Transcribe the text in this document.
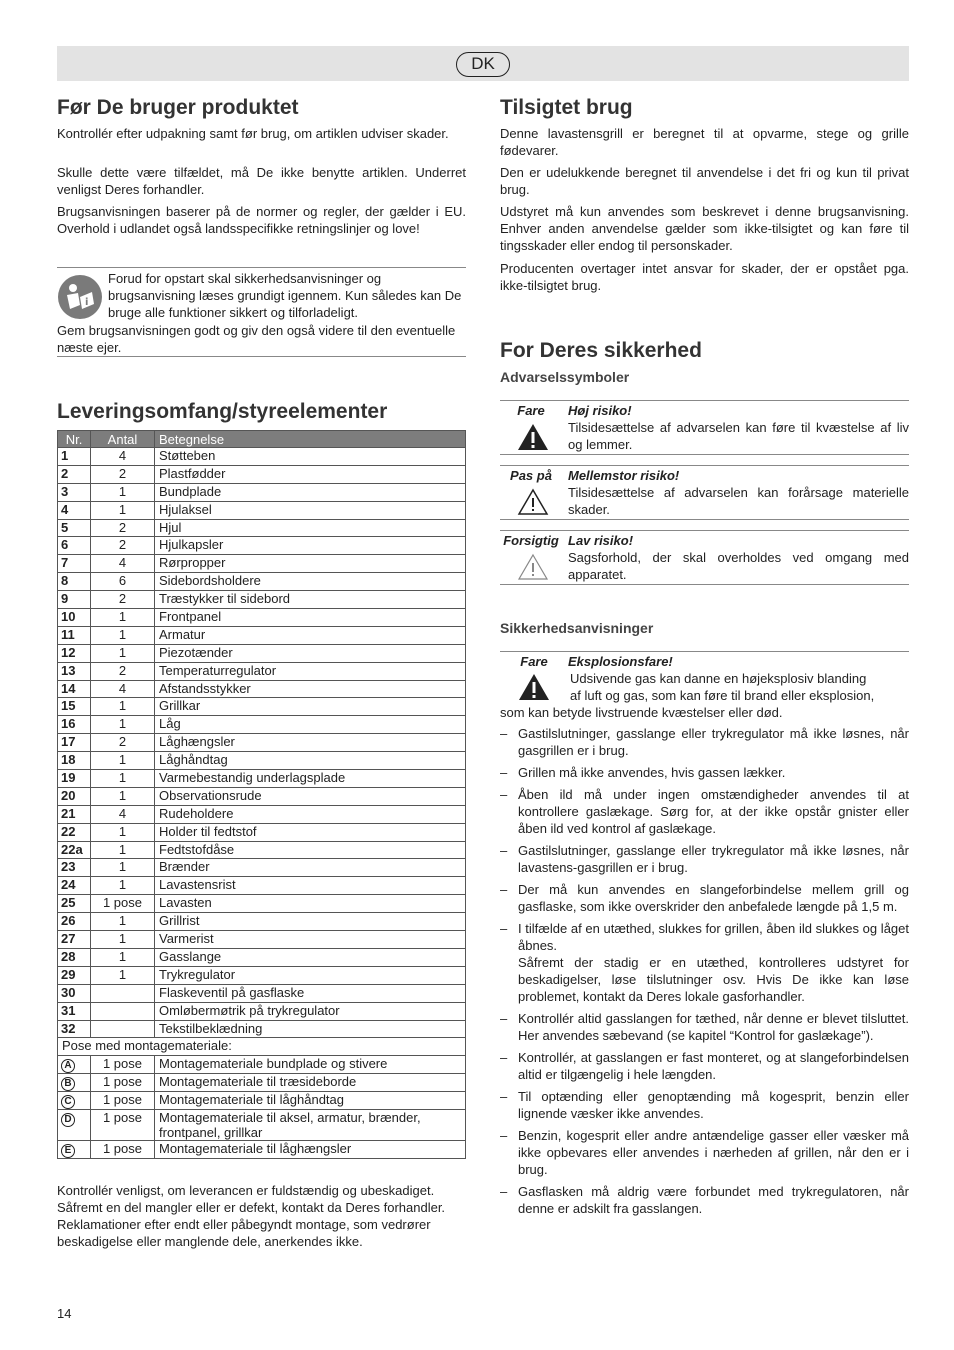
DK
Før De bruger produktet

Kontrollér efter udpakning samt før brug, om artiklen udviser skader.

Skulle dette være tilfældet, må De ikke benytte artiklen. Underret venligst Deres forhandler.

Brugsanvisningen baserer på de normer og regler, der gælder i EU. Overhold i udlandet også landsspecifikke retningslinjer og love!

i

Forud for opstart skal sikkerhedsanvisninger og brugsanvisning læses grundigt igennem. Kun således kan De bruge alle funktioner sikkert og tilforladeligt.

Gem brugsanvisningen godt og giv den også videre til den eventuelle næste ejer.

Leveringsomfang/styreelementer
Nr.	Antal	Betegnelse
1	4	Støtteben
2	2	Plastfødder
3	1	Bundplade
4	1	Hjulaksel
5	2	Hjul
6	2	Hjulkapsler
7	4	Rørpropper
8	6	Sidebordsholdere
9	2	Træstykker til sidebord
10	1	Frontpanel
11	1	Armatur
12	1	Piezotænder
13	2	Temperaturregulator
14	4	Afstandsstykker
15	1	Grillkar
16	1	Låg
17	2	Låghængsler
18	1	Låghåndtag
19	1	Varmebestandig underlagsplade
20	1	Observationsrude
21	4	Rudeholdere
22	1	Holder til fedtstof
22a	1	Fedtstofdåse
23	1	Brænder
24	1	Lavastensrist
25	1 pose	Lavasten
26	1	Grillrist
27	1	Varmerist
28	1	Gasslange
29	1	Trykregulator
30		Flaskeventil på gasflaske
31		Omløbermøtrik på trykregulator
32		Tekstilbeklædning
Pose med montagemateriale:		
A	1 pose	Montagemateriale bundplade og stivere
B	1 pose	Montagemateriale til træsideborde
C	1 pose	Montagemateriale til låghåndtag
D	1 pose	Montagemateriale til aksel, armatur, brænder, frontpanel, grillkar
E	1 pose	Montagemateriale til låghængsler

Kontrollér venligst, om leverancen er fuldstændig og ubeskadiget. Såfremt en del mangler eller er defekt, kontakt da Deres forhandler. Reklamationer efter endt eller påbegyndt montage, som vedrører beskadigelse eller manglende dele, anerkendes ikke.

Tilsigtet brug

Denne lavastensgrill er beregnet til at opvarme, stege og grille fødevarer.

Den er udelukkende beregnet til anvendelse i det fri og kun til privat brug.

Udstyret må kun anvendes som beskrevet i denne brugsanvisning. Enhver anden anvendelse gælder som ikke-tilsigtet og kan føre til tingsskader eller endog til personskader.

Producenten overtager intet ansvar for skader, der er opstået pga. ikke-tilsigtet brug.

For Deres sikkerhed
Advarselssymboler
Fare	Høj risiko!
Tilsidesættelse af advarselen kan føre til kvæstelse af liv og lemmer.
Pas på	Mellemstor risiko!
Tilsidesættelse af advarselen kan forårsage materielle skader.
Forsigtig Lav risiko!
Sagsforhold, der skal overholdes ved omgang med apparatet.
Sikkerhedsanvisninger
Fare	Eksplosionsfare!
Udsivende gas kan danne en højeksplosiv blanding
af luft og gas, som kan føre til brand eller eksplosion,
som kan betyde livstruende kvæstelser eller død.
– Gastilslutninger, gasslange eller trykregulator må ikke løsnes, når gasgrillen er i brug.
– Grillen må ikke anvendes, hvis gassen lækker.
– Åben ild må under ingen omstændigheder anvendes til at kontrollere gaslækage. Sørg for, at der ikke opstår gnister eller åben ild ved kontrol af gaslækage.
– Gastilslutninger, gasslange eller trykregulator må ikke løsnes, når lavastens-gasgrillen er i brug.
– Der må kun anvendes en slangeforbindelse mellem grill og gasflaske, som ikke overskrider den anbefalede længde på 1,5 m.
– I tilfælde af en utæthed, slukkes for grillen, åben ild slukkes og låget åbnes.
Såfremt der stadig er en utæthed, kontrolleres udstyret for beskadigelser, løse tilslutninger osv. Hvis De ikke kan løse problemet, kontakt da Deres lokale gasforhandler.
– Kontrollér altid gasslangen for tæthed, når denne er blevet tilsluttet. Her anvendes sæbevand (se kapitel “Kontrol for gaslækage”).
– Kontrollér, at gasslangen er fast monteret, og at slangeforbindelsen altid er tilgængelig i hele længden.
– Til optænding eller genoptænding må kogesprit, benzin eller lignende væsker ikke anvendes.
– Benzin, kogesprit eller andre antændelige gasser eller væsker må ikke opbevares eller anvendes i nærheden af grillen, når den er i brug.
– Gasflasken må aldrig være forbundet med trykregulatoren, når denne er adskilt fra gasslangen.
14
